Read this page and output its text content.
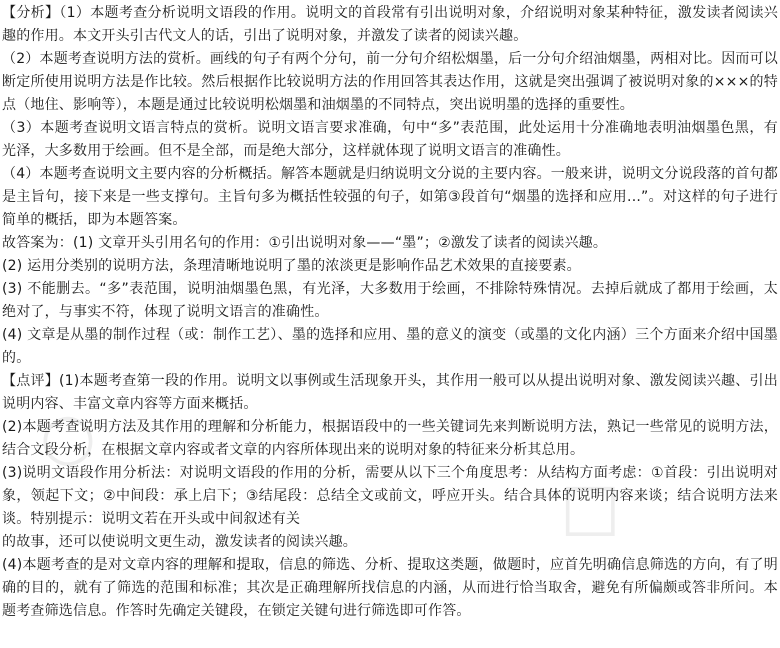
○
□

【分析】（1）本题考查分析说明文语段的作用。说明文的首段常有引出说明对象，介绍说明对象某种特征，激发读者阅读兴趣的作用。本文开头引古代文人的话，引出了说明对象，并激发了读者的阅读兴趣。

（2）本题考查说明方法的赏析。画线的句子有两个分句，前一分句介绍松烟墨，后一分句介绍油烟墨，两相对比。因而可以断定所使用说明方法是作比较。然后根据作比较说明方法的作用回答其表达作用，这就是突出强调了被说明对象的×××的特点（地住、影响等），本题是通过比较说明松烟墨和油烟墨的不同特点，突出说明墨的选择的重要性。

（3）本题考查说明文语言特点的赏析。说明文语言要求准确，句中“多”表范围，此处运用十分准确地表明油烟墨色黑，有光泽，大多数用于绘画。但不是全部，而是绝大部分，这样就体现了说明文语言的准确性。

（4）本题考查说明文主要内容的分析概括。解答本题就是归纳说明文分说的主要内容。一般来讲，说明文分说段落的首句都是主旨句，接下来是一些支撑句。主旨句多为概括性较强的句子，如第③段首句“烟墨的选择和应用...”。对这样的句子进行简单的概括，即为本题答案。

故答案为：(1) 文章开头引用名句的作用：①引出说明对象——“墨”；②激发了读者的阅读兴趣。

(2) 运用分类别的说明方法，条理清晰地说明了墨的浓淡更是影响作品艺术效果的直接要素。

(3) 不能删去。“多”表范围，说明油烟墨色黑，有光泽，大多数用于绘画，不排除特殊情况。去掉后就成了都用于绘画，太绝对了，与事实不符，体现了说明文语言的准确性。

(4) 文章是从墨的制作过程（或：制作工艺）、墨的选择和应用、墨的意义的演变（或墨的文化内涵）三个方面来介绍中国墨的。

【点评】(1)本题考查第一段的作用。说明文以事例或生活现象开头，其作用一般可以从提出说明对象、激发阅读兴趣、引出说明内容、丰富文章内容等方面来概括。

(2)本题考查说明方法及其作用的理解和分析能力，根据语段中的一些关键词先来判断说明方法，熟记一些常见的说明方法，结合文段分析，在根据文章内容或者文章的内容所体现出来的说明对象的特征来分析其总用。

(3)说明文语段作用分析法：对说明文语段的作用的分析，需要从以下三个角度思考：从结构方面考虑：①首段：引出说明对象，领起下文；②中间段：承上启下；③结尾段：总结全文或前文，呼应开头。结合具体的说明内容来谈；结合说明方法来谈。特别提示：说明文若在开头或中间叙述有关

的故事，还可以使说明文更生动，激发读者的阅读兴趣。

(4)本题考查的是对文章内容的理解和提取，信息的筛选、分析、提取这类题，做题时，应首先明确信息筛选的方向，有了明确的目的，就有了筛选的范围和标准；其次是正确理解所找信息的内涵，从而进行恰当取舍，避免有所偏颇或答非所问。本题考查筛选信息。作答时先确定关键段，在锁定关键句进行筛选即可作答。
